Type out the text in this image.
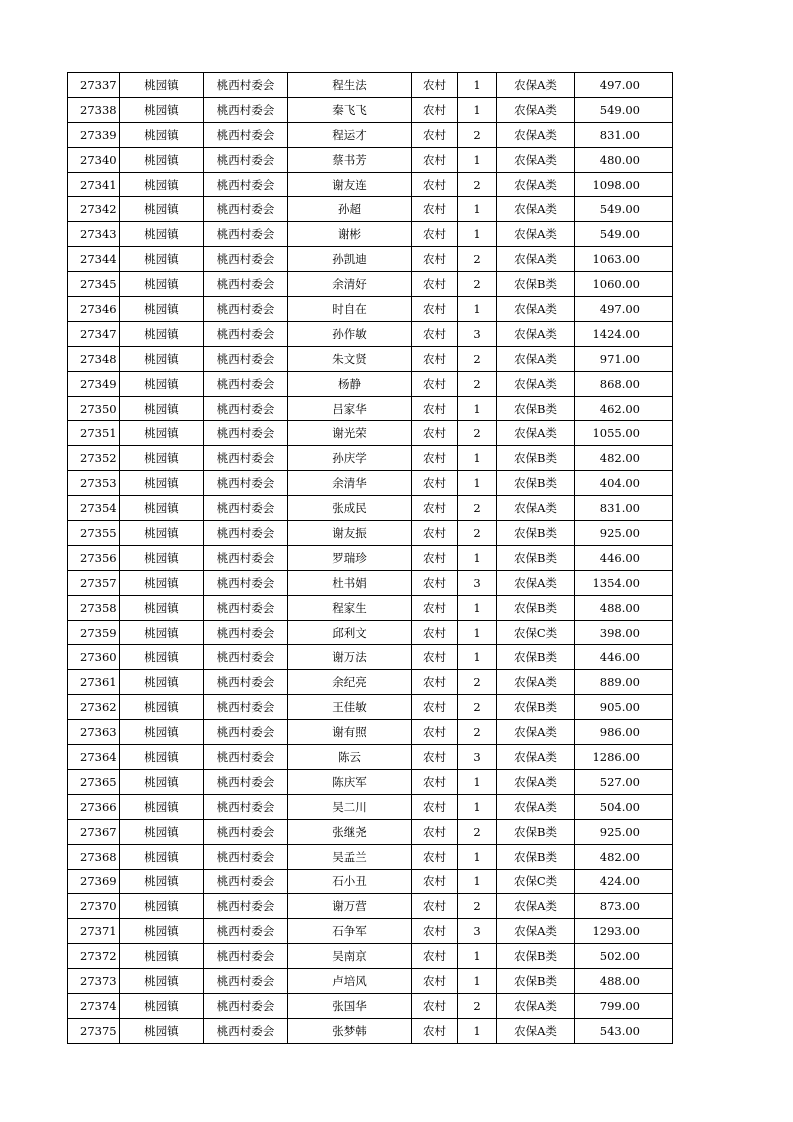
27337	桃园镇	桃西村委会	程生法	农村	1	农保A类	497.00
27338	桃园镇	桃西村委会	秦飞飞	农村	1	农保A类	549.00
27339	桃园镇	桃西村委会	程运才	农村	2	农保A类	831.00
27340	桃园镇	桃西村委会	蔡书芳	农村	1	农保A类	480.00
27341	桃园镇	桃西村委会	谢友连	农村	2	农保A类	1098.00
27342	桃园镇	桃西村委会	孙超	农村	1	农保A类	549.00
27343	桃园镇	桃西村委会	谢彬	农村	1	农保A类	549.00
27344	桃园镇	桃西村委会	孙凯迪	农村	2	农保A类	1063.00
27345	桃园镇	桃西村委会	余清好	农村	2	农保B类	1060.00
27346	桃园镇	桃西村委会	时自在	农村	1	农保A类	497.00
27347	桃园镇	桃西村委会	孙作敏	农村	3	农保A类	1424.00
27348	桃园镇	桃西村委会	朱文贤	农村	2	农保A类	971.00
27349	桃园镇	桃西村委会	杨静	农村	2	农保A类	868.00
27350	桃园镇	桃西村委会	吕家华	农村	1	农保B类	462.00
27351	桃园镇	桃西村委会	谢光荣	农村	2	农保A类	1055.00
27352	桃园镇	桃西村委会	孙庆学	农村	1	农保B类	482.00
27353	桃园镇	桃西村委会	余清华	农村	1	农保B类	404.00
27354	桃园镇	桃西村委会	张成民	农村	2	农保A类	831.00
27355	桃园镇	桃西村委会	谢友振	农村	2	农保B类	925.00
27356	桃园镇	桃西村委会	罗瑞珍	农村	1	农保B类	446.00
27357	桃园镇	桃西村委会	杜书娟	农村	3	农保A类	1354.00
27358	桃园镇	桃西村委会	程家生	农村	1	农保B类	488.00
27359	桃园镇	桃西村委会	邱利文	农村	1	农保C类	398.00
27360	桃园镇	桃西村委会	谢万法	农村	1	农保B类	446.00
27361	桃园镇	桃西村委会	余纪亮	农村	2	农保A类	889.00
27362	桃园镇	桃西村委会	王佳敏	农村	2	农保B类	905.00
27363	桃园镇	桃西村委会	谢有照	农村	2	农保A类	986.00
27364	桃园镇	桃西村委会	陈云	农村	3	农保A类	1286.00
27365	桃园镇	桃西村委会	陈庆军	农村	1	农保A类	527.00
27366	桃园镇	桃西村委会	吴二川	农村	1	农保A类	504.00
27367	桃园镇	桃西村委会	张继尧	农村	2	农保B类	925.00
27368	桃园镇	桃西村委会	吴孟兰	农村	1	农保B类	482.00
27369	桃园镇	桃西村委会	石小丑	农村	1	农保C类	424.00
27370	桃园镇	桃西村委会	谢万营	农村	2	农保A类	873.00
27371	桃园镇	桃西村委会	石争军	农村	3	农保A类	1293.00
27372	桃园镇	桃西村委会	吴南京	农村	1	农保B类	502.00
27373	桃园镇	桃西村委会	卢培风	农村	1	农保B类	488.00
27374	桃园镇	桃西村委会	张国华	农村	2	农保A类	799.00
27375	桃园镇	桃西村委会	张梦韩	农村	1	农保A类	543.00
